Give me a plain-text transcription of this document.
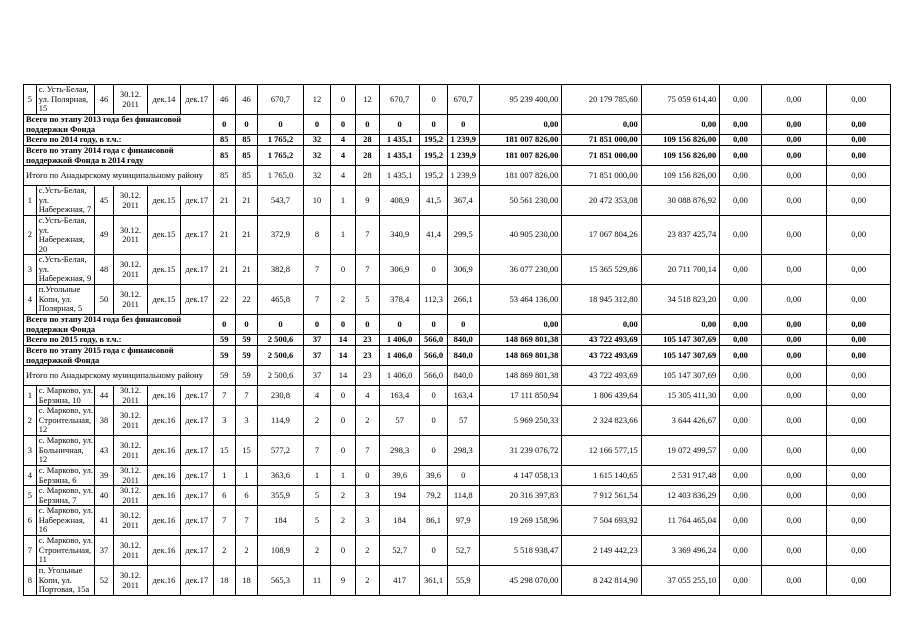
5	с. Усть-Белая, ул. Полярная, 15	46	30.12. 2011	дек.14	дек.17	46	46	670,7	12	0	12	670,7	0	670,7	95 239 400,00	20 179 785,60	75 059 614,40	0,00	0,00	0,00
Всего по этапу 2013 года без финансовой поддержки Фонда						0	0	0	0	0	0	0	0	0	0,00	0,00	0,00	0,00	0,00	0,00
Всего по 2014 году, в т.ч.:						85	85	1 765,2	32	4	28	1 435,1	195,2	1 239,9	181 007 826,00	71 851 000,00	109 156 826,00	0,00	0,00	0,00
Всего по этапу 2014 года с финансовой поддержкой Фонда в 2014 году						85	85	1 765,2	32	4	28	1 435,1	195,2	1 239,9	181 007 826,00	71 851 000,00	109 156 826,00	0,00	0,00	0,00
Итого по Анадырскому муниципальному району						85	85	1 765,0	32	4	28	1 435,1	195,2	1 239,9	181 007 826,00	71 851 000,00	109 156 826,00	0,00	0,00	0,00
1	с.Усть-Белая, ул. Набережная, 7	45	30.12. 2011	дек.15	дек.17	21	21	543,7	10	1	9	408,9	41,5	367,4	50 561 230,00	20 472 353,08	30 088 876,92	0,00	0,00	0,00
2	с.Усть-Белая, ул. Набережная, 20	49	30.12. 2011	дек.15	дек.17	21	21	372,9	8	1	7	340,9	41,4	299,5	40 905 230,00	17 067 804,26	23 837 425,74	0,00	0,00	0,00
3	с.Усть-Белая, ул. Набережная, 9	48	30.12. 2011	дек.15	дек.17	21	21	382,8	7	0	7	306,9	0	306,9	36 077 230,00	15 365 529,86	20 711 700,14	0,00	0,00	0,00
4	п.Угольные Копи, ул. Полярная, 5	50	30.12. 2011	дек.15	дек.17	22	22	465,8	7	2	5	378,4	112,3	266,1	53 464 136,00	18 945 312,80	34 518 823,20	0,00	0,00	0,00
Всего по этапу 2014 года без финансовой поддержки Фонда						0	0	0	0	0	0	0	0	0	0,00	0,00	0,00	0,00	0,00	0,00
Всего по 2015 году, в т.ч.:						59	59	2 500,6	37	14	23	1 406,0	566,0	840,0	148 869 801,38	43 722 493,69	105 147 307,69	0,00	0,00	0,00
Всего по этапу 2015 года с финансовой поддержкой Фонда						59	59	2 500,6	37	14	23	1 406,0	566,0	840,0	148 869 801,38	43 722 493,69	105 147 307,69	0,00	0,00	0,00
Итого по Анадырскому муниципальному району						59	59	2 500,6	37	14	23	1 406,0	566,0	840,0	148 869 801,38	43 722 493,69	105 147 307,69	0,00	0,00	0,00
1	с. Марково, ул. Берзина, 10	44	30.12. 2011	дек.16	дек.17	7	7	230,8	4	0	4	163,4	0	163,4	17 111 850,94	1 806 439,64	15 305 411,30	0,00	0,00	0,00
2	с. Марково, ул. Строительная, 12	38	30.12. 2011	дек.16	дек.17	3	3	114,9	2	0	2	57	0	57	5 969 250,33	2 324 823,66	3 644 426,67	0,00	0,00	0,00
3	с. Марково, ул. Больничная, 12	43	30.12. 2011	дек.16	дек.17	15	15	577,2	7	0	7	298,3	0	298,3	31 239 076,72	12 166 577,15	19 072 499,57	0,00	0,00	0,00
4	с. Марково, ул. Берзина, 6	39	30.12. 2011	дек.16	дек.17	1	1	363,6	1	1	0	39,6	39,6	0	4 147 058,13	1 615 140,65	2 531 917,48	0,00	0,00	0,00
5	с. Марково, ул. Берзина, 7	40	30.12. 2011	дек.16	дек.17	6	6	355,9	5	2	3	194	79,2	114,8	20 316 397,83	7 912 561,54	12 403 836,29	0,00	0,00	0,00
6	с. Марково, ул. Набережная, 16	41	30.12. 2011	дек.16	дек.17	7	7	184	5	2	3	184	86,1	97,9	19 269 158,96	7 504 693,92	11 764 465,04	0,00	0,00	0,00
7	с. Марково, ул. Строительная, 11	37	30.12. 2011	дек.16	дек.17	2	2	108,9	2	0	2	52,7	0	52,7	5 518 938,47	2 149 442,23	3 369 496,24	0,00	0,00	0,00
8	п. Угольные Копи, ул. Портовая, 15а	52	30.12. 2011	дек.16	дек.17	18	18	565,3	11	9	2	417	361,1	55,9	45 298 070,00	8 242 814,90	37 055 255,10	0,00	0,00	0,00
